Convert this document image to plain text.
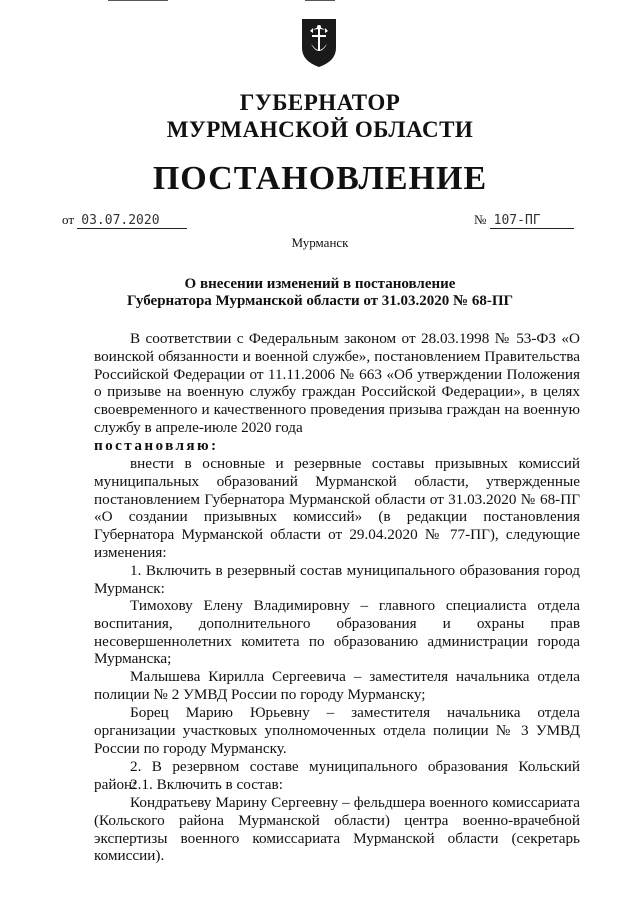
ГУБЕРНАТОР
МУРМАНСКОЙ ОБЛАСТИ
ПОСТАНОВЛЕНИЕ
от 03.07.2020	№ 107-ПГ
Мурманск
О внесении изменений в постановление
Губернатора Мурманской области от 31.03.2020 № 68-ПГ
В соответствии с Федеральным законом от 28.03.1998 № 53-ФЗ «О воинской обязанности и военной службе», постановлением Правительства Российской Федерации от 11.11.2006 № 663 «Об утверждении Положения о призыве на военную службу граждан Российской Федерации», в целях своевременного и качественного проведения призыва граждан на военную службу в апреле-июле 2020 года
постановляю:
внести в основные и резервные составы призывных комиссий муниципальных образований Мурманской области, утвержденные постановлением Губернатора Мурманской области от 31.03.2020 № 68-ПГ «О создании призывных комиссий» (в редакции постановления Губернатора Мурманской области от 29.04.2020 № 77-ПГ), следующие изменения:
1. Включить в резервный состав муниципального образования город Мурманск:
Тимохову Елену Владимировну – главного специалиста отдела воспитания, дополнительного образования и охраны прав несовершеннолетних комитета по образованию администрации города Мурманска;
Малышева Кирилла Сергеевича – заместителя начальника отдела полиции № 2 УМВД России по городу Мурманску;
Борец Марию Юрьевну – заместителя начальника отдела организации участковых уполномоченных отдела полиции № 3 УМВД России по городу Мурманску.
2. В резервном составе муниципального образования Кольский район:
2.1. Включить в состав:
Кондратьеву Марину Сергеевну – фельдшера военного комиссариата (Кольского района Мурманской области) центра военно-врачебной экспертизы военного комиссариата Мурманской области (секретарь комиссии).
